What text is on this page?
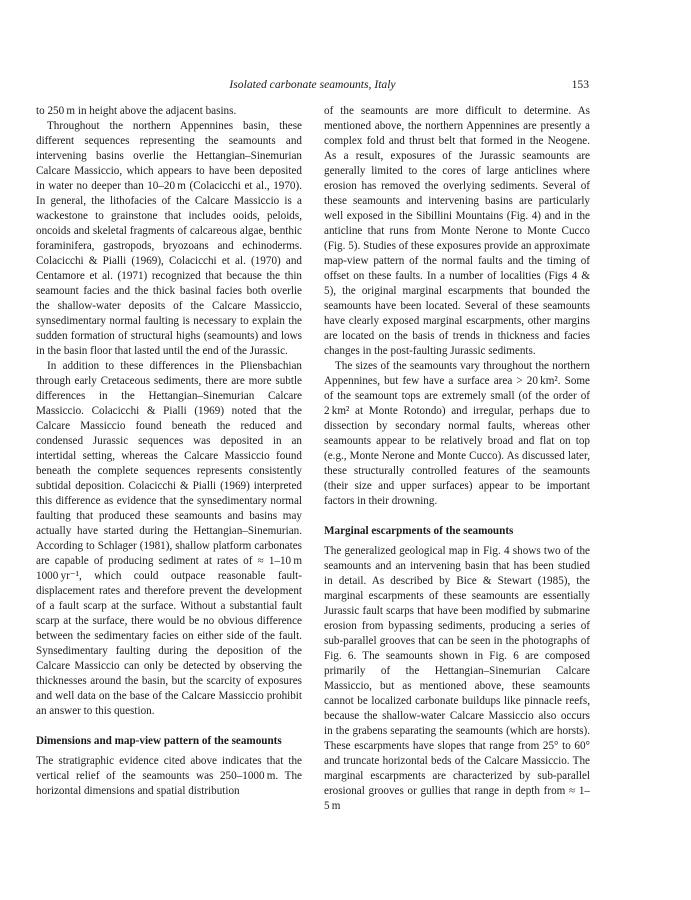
Isolated carbonate seamounts, Italy	153

to 250 m in height above the adjacent basins.

Throughout the northern Appennines basin, these different sequences representing the seamounts and intervening basins overlie the Hettangian–Sinemurian Calcare Massiccio, which appears to have been deposited in water no deeper than 10–20 m (Colacicchi et al., 1970). In general, the lithofacies of the Calcare Massiccio is a wackestone to grainstone that includes ooids, peloids, oncoids and skeletal fragments of calcareous algae, benthic foraminifera, gastropods, bryozoans and echinoderms. Colacicchi & Pialli (1969), Colacicchi et al. (1970) and Centamore et al. (1971) recognized that because the thin seamount facies and the thick basinal facies both overlie the shallow-water deposits of the Calcare Massiccio, synsedimentary normal faulting is necessary to explain the sudden formation of structural highs (seamounts) and lows in the basin floor that lasted until the end of the Jurassic.

In addition to these differences in the Pliensbachian through early Cretaceous sediments, there are more subtle differences in the Hettangian–Sinemurian Calcare Massiccio. Colacicchi & Pialli (1969) noted that the Calcare Massiccio found beneath the reduced and condensed Jurassic sequences was deposited in an intertidal setting, whereas the Calcare Massiccio found beneath the complete sequences represents consistently subtidal deposition. Colacicchi & Pialli (1969) interpreted this difference as evidence that the synsedimentary normal faulting that produced these seamounts and basins may actually have started during the Hettangian–Sinemurian. According to Schlager (1981), shallow platform carbonates are capable of producing sediment at rates of ≈ 1–10 m 1000 yr⁻¹, which could outpace reasonable fault-displacement rates and therefore prevent the development of a fault scarp at the surface. Without a substantial fault scarp at the surface, there would be no obvious difference between the sedimentary facies on either side of the fault. Synsedimentary faulting during the deposition of the Calcare Massiccio can only be detected by observing the thicknesses around the basin, but the scarcity of exposures and well data on the base of the Calcare Massiccio prohibit an answer to this question.

Dimensions and map-view pattern of the seamounts

The stratigraphic evidence cited above indicates that the vertical relief of the seamounts was 250–1000 m. The horizontal dimensions and spatial distribution

of the seamounts are more difficult to determine. As mentioned above, the northern Appennines are presently a complex fold and thrust belt that formed in the Neogene. As a result, exposures of the Jurassic seamounts are generally limited to the cores of large anticlines where erosion has removed the overlying sediments. Several of these seamounts and intervening basins are particularly well exposed in the Sibillini Mountains (Fig. 4) and in the anticline that runs from Monte Nerone to Monte Cucco (Fig. 5). Studies of these exposures provide an approximate map-view pattern of the normal faults and the timing of offset on these faults. In a number of localities (Figs 4 & 5), the original marginal escarpments that bounded the seamounts have been located. Several of these seamounts have clearly exposed marginal escarpments, other margins are located on the basis of trends in thickness and facies changes in the post-faulting Jurassic sediments.

The sizes of the seamounts vary throughout the northern Appennines, but few have a surface area > 20 km². Some of the seamount tops are extremely small (of the order of 2 km² at Monte Rotondo) and irregular, perhaps due to dissection by secondary normal faults, whereas other seamounts appear to be relatively broad and flat on top (e.g., Monte Nerone and Monte Cucco). As discussed later, these structurally controlled features of the seamounts (their size and upper surfaces) appear to be important factors in their drowning.

Marginal escarpments of the seamounts

The generalized geological map in Fig. 4 shows two of the seamounts and an intervening basin that has been studied in detail. As described by Bice & Stewart (1985), the marginal escarpments of these seamounts are essentially Jurassic fault scarps that have been modified by submarine erosion from bypassing sediments, producing a series of sub-parallel grooves that can be seen in the photographs of Fig. 6. The seamounts shown in Fig. 6 are composed primarily of the Hettangian–Sinemurian Calcare Massiccio, but as mentioned above, these seamounts cannot be localized carbonate buildups like pinnacle reefs, because the shallow-water Calcare Massiccio also occurs in the grabens separating the seamounts (which are horsts). These escarpments have slopes that range from 25° to 60° and truncate horizontal beds of the Calcare Massiccio. The marginal escarpments are characterized by sub-parallel erosional grooves or gullies that range in depth from ≈ 1–5 m
